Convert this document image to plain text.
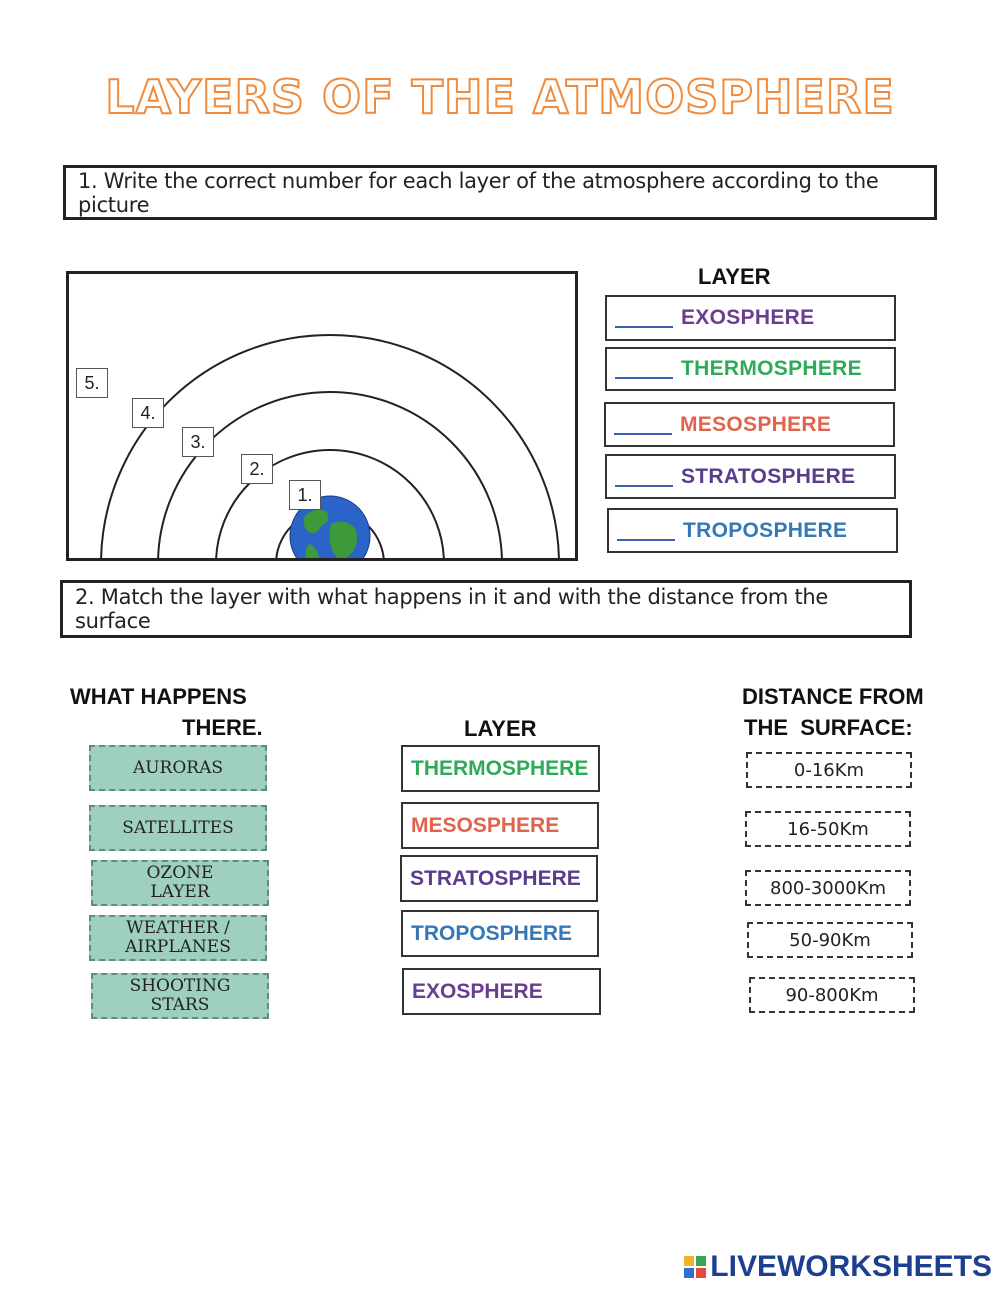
LAYERS OF THE ATMOSPHERE
1. Write the correct number for each layer of the atmosphere according to the picture
5.
4.
3.
2.
1.
LAYER
EXOSPHERE
THERMOSPHERE
MESOSPHERE
STRATOSPHERE
TROPOSPHERE
2. Match the layer with what happens in it and with the distance from the surface
WHAT HAPPENS
THERE.	LAYER
DISTANCE FROM
THE  SURFACE:
AURORAS
SATELLITES
OZONE
LAYER
WEATHER /
AIRPLANES
SHOOTING
STARS
THERMOSPHERE
MESOSPHERE
STRATOSPHERE
TROPOSPHERE
EXOSPHERE
0-16Km
16-50Km
800-3000Km
50-90Km
90-800Km
LIVEWORKSHEETS
